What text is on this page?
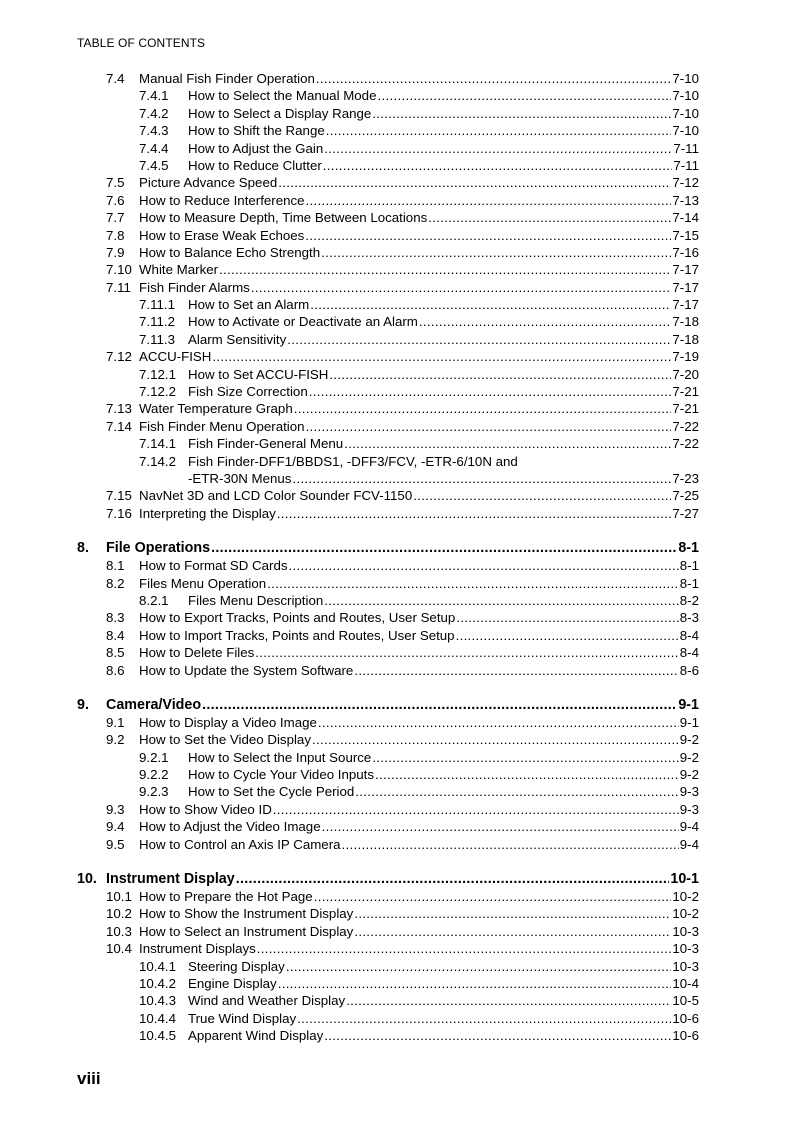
TABLE OF CONTENTS
7.4 Manual Fish Finder Operation .....	7-10
7.4.1 How to Select the Manual Mode .....	7-10
7.4.2 How to Select a Display Range .....	7-10
7.4.3 How to Shift the Range .....	7-10
7.4.4 How to Adjust the Gain .....	7-11
7.4.5 How to Reduce Clutter .....	7-11
7.5 Picture Advance Speed .....	7-12
7.6 How to Reduce Interference .....	7-13
7.7 How to Measure Depth, Time Between Locations .....	7-14
7.8 How to Erase Weak Echoes .....	7-15
7.9 How to Balance Echo Strength .....	7-16
7.10 White Marker .....	7-17
7.11 Fish Finder Alarms .....	7-17
7.11.1 How to Set an Alarm .....	7-17
7.11.2 How to Activate or Deactivate an Alarm .....	7-18
7.11.3 Alarm Sensitivity .....	7-18
7.12 ACCU-FISH .....	7-19
7.12.1 How to Set ACCU-FISH .....	7-20
7.12.2 Fish Size Correction .....	7-21
7.13 Water Temperature Graph .....	7-21
7.14 Fish Finder Menu Operation .....	7-22
7.14.1 Fish Finder-General Menu .....	7-22
7.14.2 Fish Finder-DFF1/BBDS1, -DFF3/FCV, -ETR-6/10N and
-ETR-30N Menus .....	7-23
7.15 NavNet 3D and LCD Color Sounder FCV-1150 .....	7-25
7.16 Interpreting the Display .....	7-27
8. File Operations .....	8-1
8.1 How to Format SD Cards .....	8-1
8.2 Files Menu Operation .....	8-1
8.2.1 Files Menu Description .....	8-2
8.3 How to Export Tracks, Points and Routes, User Setup .....	8-3
8.4 How to Import Tracks, Points and Routes, User Setup .....	8-4
8.5 How to Delete Files .....	8-4
8.6 How to Update the System Software .....	8-6
9. Camera/Video .....	9-1
9.1 How to Display a Video Image .....	9-1
9.2 How to Set the Video Display .....	9-2
9.2.1 How to Select the Input Source .....	9-2
9.2.2 How to Cycle Your Video Inputs .....	9-2
9.2.3 How to Set the Cycle Period .....	9-3
9.3 How to Show Video ID .....	9-3
9.4 How to Adjust the Video Image .....	9-4
9.5 How to Control an Axis IP Camera .....	9-4
10. Instrument Display .....	10-1
10.1 How to Prepare the Hot Page .....	10-2
10.2 How to Show the Instrument Display .....	10-2
10.3 How to Select an Instrument Display .....	10-3
10.4 Instrument Displays .....	10-3
10.4.1 Steering Display .....	10-3
10.4.2 Engine Display .....	10-4
10.4.3 Wind and Weather Display .....	10-5
10.4.4 True Wind Display .....	10-6
10.4.5 Apparent Wind Display .....	10-6
viii
